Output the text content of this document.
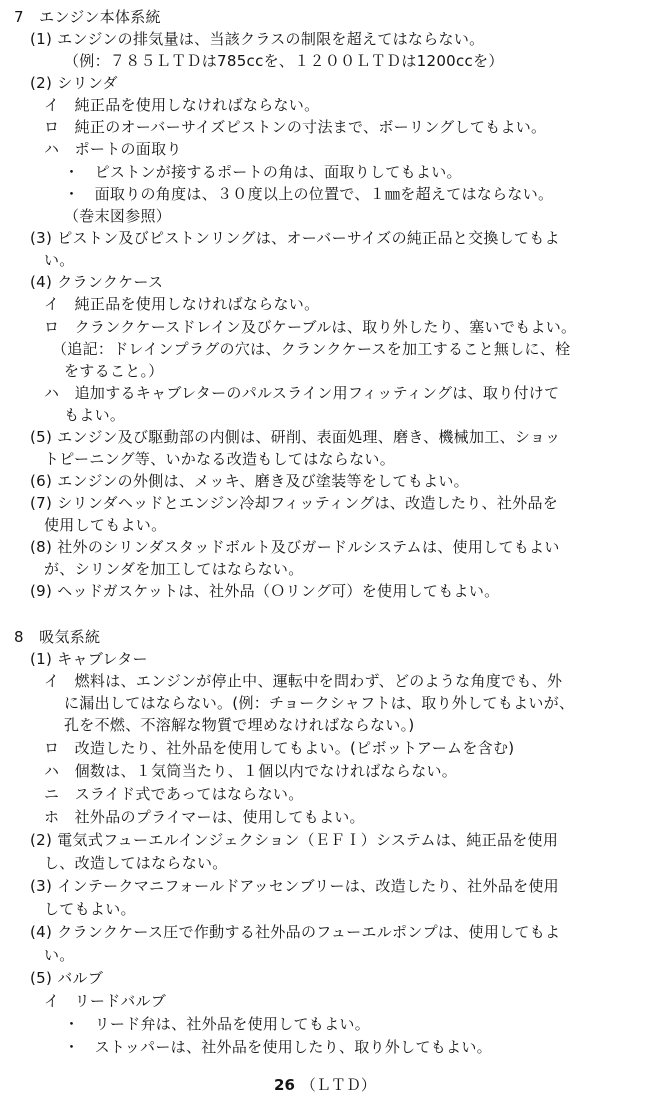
7　エンジン本体系統
(1) エンジンの排気量は、当該クラスの制限を超えてはならない。
（例：７８５ＬＴＤは785ccを、１２００ＬＴＤは1200ccを）
(2) シリンダ
イ　純正品を使用しなければならない。
ロ　純正のオーバーサイズピストンの寸法まで、ボーリングしてもよい。
ハ　ポートの面取り
・　ピストンが接するポートの角は、面取りしてもよい。
・　面取りの角度は、３０度以上の位置で、１㎜を超えてはならない。
（巻末図参照）
(3) ピストン及びピストンリングは、オーバーサイズの純正品と交換してもよ
い。
(4) クランクケース
イ　純正品を使用しなければならない。
ロ　クランクケースドレイン及びケーブルは、取り外したり、塞いでもよい。
（追記：ドレインプラグの穴は、クランクケースを加工すること無しに、栓
をすること。）
ハ　追加するキャブレターのパルスライン用フィッティングは、取り付けて
もよい。
(5) エンジン及び駆動部の内側は、研削、表面処理、磨き、機械加工、ショッ
トピーニング等、いかなる改造もしてはならない。
(6) エンジンの外側は、メッキ、磨き及び塗装等をしてもよい。
(7) シリンダヘッドとエンジン冷却フィッティングは、改造したり、社外品を
使用してもよい。
(8) 社外のシリンダスタッドボルト及びガードルシステムは、使用してもよい
が、シリンダを加工してはならない。
(9) ヘッドガスケットは、社外品（Ｏリング可）を使用してもよい。
8　吸気系統
(1) キャブレター
イ　燃料は、エンジンが停止中、運転中を問わず、どのような角度でも、外
に漏出してはならない。(例：チョークシャフトは、取り外してもよいが、
孔を不燃、不溶解な物質で埋めなければならない。)
ロ　改造したり、社外品を使用してもよい。(ピボットアームを含む)
ハ　個数は、１気筒当たり、１個以内でなければならない。
ニ　スライド式であってはならない。
ホ　社外品のプライマーは、使用してもよい。
(2) 電気式フューエルインジェクション（ＥＦＩ）システムは、純正品を使用
し、改造してはならない。
(3) インテークマニフォールドアッセンブリーは、改造したり、社外品を使用
してもよい。
(4) クランクケース圧で作動する社外品のフューエルポンプは、使用してもよ
い。
(5) バルブ
イ　リードバルブ
・　リード弁は、社外品を使用してもよい。
・　ストッパーは、社外品を使用したり、取り外してもよい。
26 （ＬＴＤ）
